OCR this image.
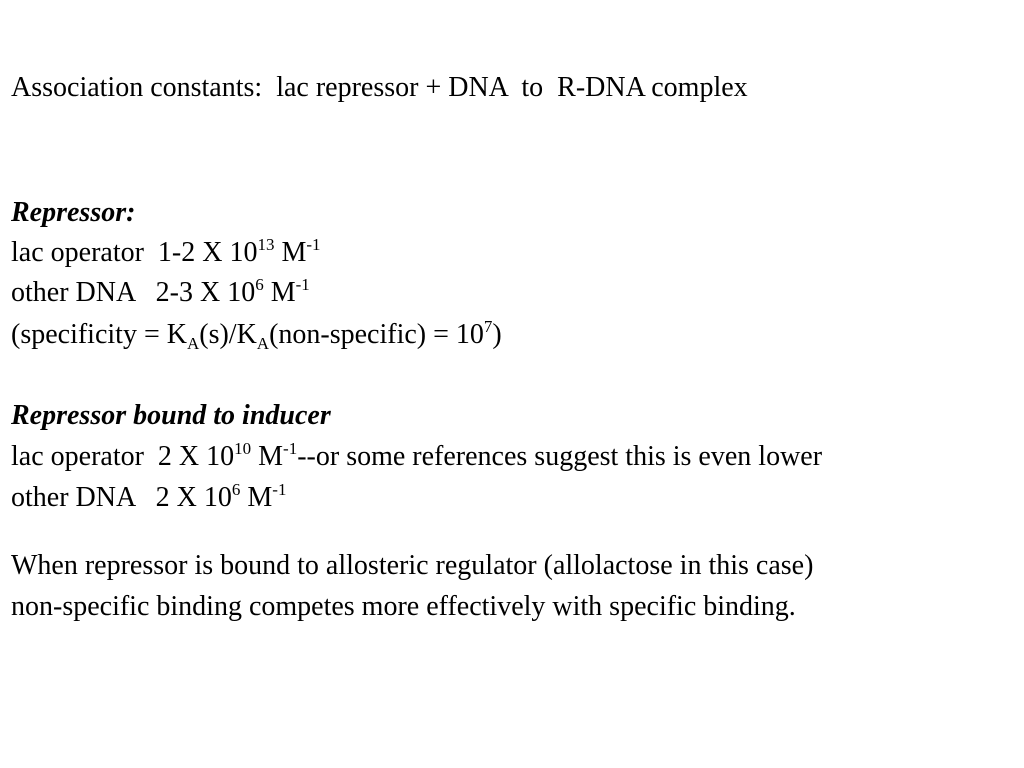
Association constants:  lac repressor + DNA  to  R-DNA complex
Repressor:
lac operator  1-2 X $10^{13}$ $M^{-1}$
other DNA   2-3 X $10^6$ $M^{-1}$
(specificity = $K_A(s)/K_A(non-specific) = 10^7$)
Repressor bound to inducer
lac operator  2 X $10^{10}$ $M^{-1}--or$ some references suggest this is even lower
other DNA   2 X $10^6$ $M^{-1}$
When repressor is bound to allosteric regulator (allolactose in this case)
non-specific binding competes more effectively with specific binding.
